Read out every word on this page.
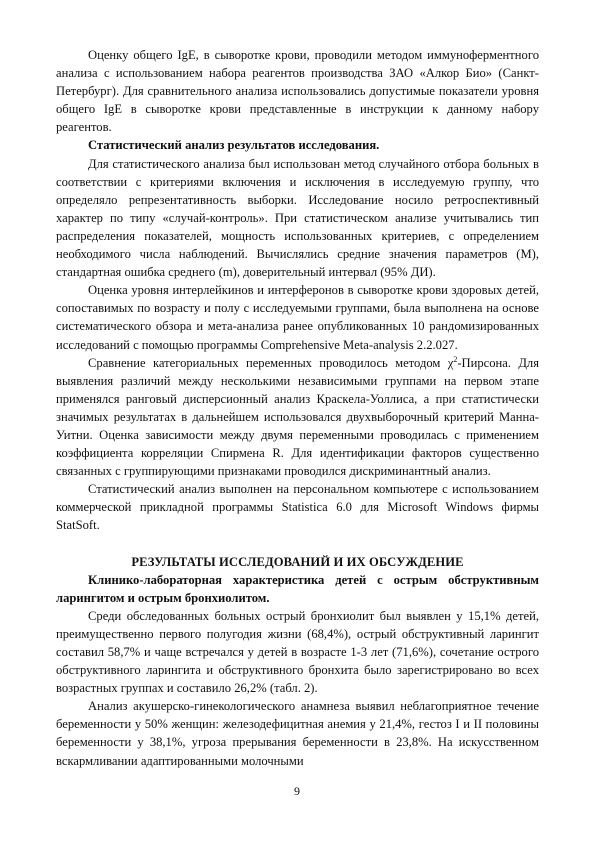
Оценку общего IgE, в сыворотке крови, проводили методом иммуноферментного анализа с использованием набора реагентов производства ЗАО «Алкор Био» (Санкт-Петербург). Для сравнительного анализа использовались допустимые показатели уровня общего IgE в сыворотке крови представленные в инструкции к данному набору реагентов.

Статистический анализ результатов исследования.

Для статистического анализа был использован метод случайного отбора больных в соответствии с критериями включения и исключения в исследуемую группу, что определяло репрезентативность выборки. Исследование носило ретроспективный характер по типу «случай-контроль». При статистическом анализе учитывались тип распределения показателей, мощность использованных критериев, с определением необходимого числа наблюдений. Вычислялись средние значения параметров (М), стандартная ошибка среднего (m), доверительный интервал (95% ДИ).

Оценка уровня интерлейкинов и интерферонов в сыворотке крови здоровых детей, сопоставимых по возрасту и полу с исследуемыми группами, была выполнена на основе систематического обзора и мета-анализа ранее опубликованных 10 рандомизированных исследований с помощью программы Comprehensive Meta-analysis 2.2.027.

Сравнение категориальных переменных проводилось методом $\chi^2$-Пирсона. Для выявления различий между несколькими независимыми группами на первом этапе применялся ранговый дисперсионный анализ Краскела-Уоллиса, а при статистически значимых результатах в дальнейшем использовался двухвыборочный критерий Манна-Уитни. Оценка зависимости между двумя переменными проводилась с применением коэффициента корреляции Спирмена R. Для идентификации факторов существенно связанных с группирующими признаками проводился дискриминантный анализ.

Статистический анализ выполнен на персональном компьютере с использованием коммерческой прикладной программы Statistica 6.0 для Microsoft Windows фирмы StatSoft.

РЕЗУЛЬТАТЫ ИССЛЕДОВАНИЙ И ИХ ОБСУЖДЕНИЕ
Клинико-лабораторная характеристика детей с острым обструктивным ларингитом и острым бронхиолитом.

Среди обследованных больных острый бронхиолит был выявлен у 15,1% детей, преимущественно первого полугодия жизни (68,4%), острый обструктивный ларингит составил 58,7% и чаще встречался у детей в возрасте 1-3 лет (71,6%), сочетание острого обструктивного ларингита и обструктивного бронхита было зарегистрировано во всех возрастных группах и составило 26,2% (табл. 2).

Анализ акушерско-гинекологического анамнеза выявил неблагоприятное течение беременности у 50% женщин: железодефицитная анемия у 21,4%, гестоз I и II половины беременности у 38,1%, угроза прерывания беременности в 23,8%. На искусственном вскармливании адаптированными молочными

9
